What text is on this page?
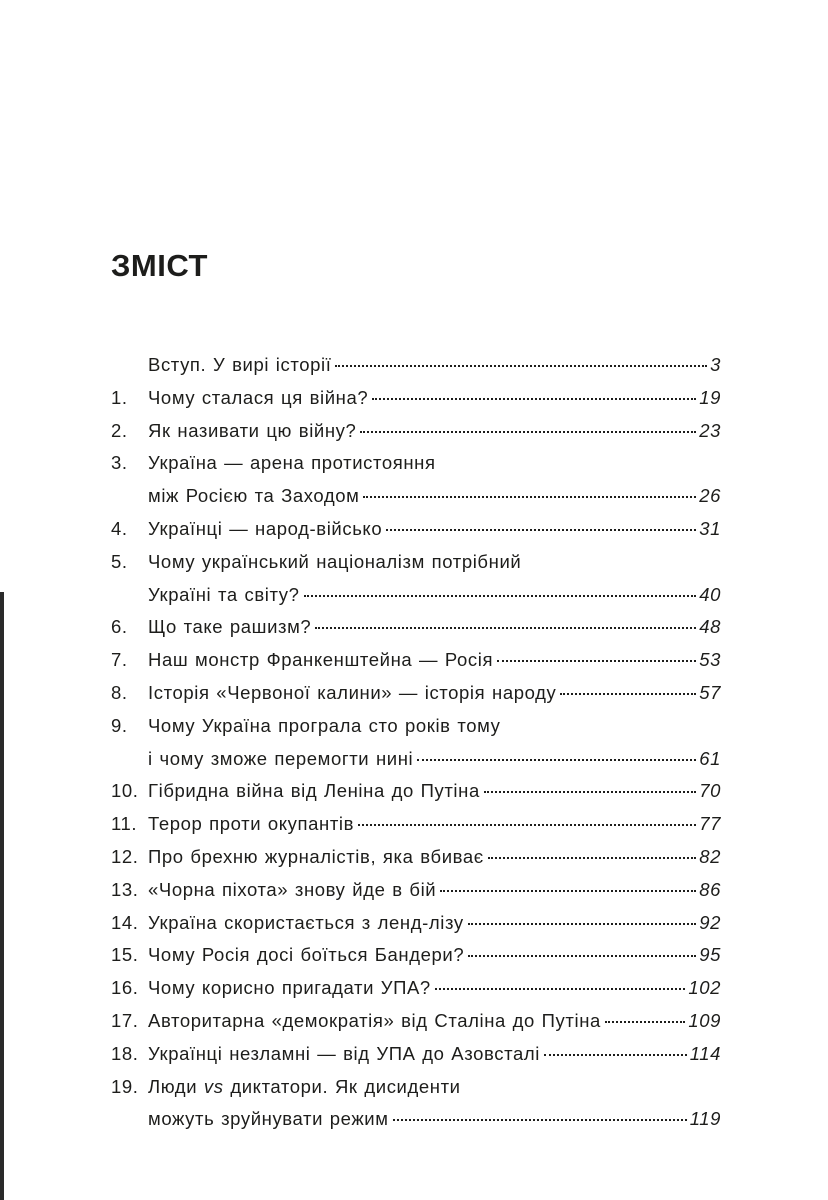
ЗМІСТ
Вступ. У вирі історії	3
1. Чому сталася ця війна?	19
2. Як називати цю війну?	23
3. Україна — арена протистояння
між Росією та Заходом	26
4. Українці — народ-військо	31
5. Чому український націоналізм потрібний
Україні та світу?	40
6. Що таке рашизм?	48
7. Наш монстр Франкенштейна — Росія	53
8. Історія «Червоної калини» — історія народу	57
9. Чому Україна програла сто років тому
і чому зможе перемогти нині	61
10. Гібридна війна від Леніна до Путіна	70
11. Терор проти окупантів	77
12. Про брехню журналістів, яка вбиває	82
13. «Чорна піхота» знову йде в бій	86
14. Україна скористається з ленд-лізу	92
15. Чому Росія досі боїться Бандери?	95
16. Чому корисно пригадати УПА?	102
17. Авторитарна «демократія» від Сталіна до Путіна	109
18. Українці незламні — від УПА до Азовсталі	114
19. Люди vs диктатори. Як дисиденти
можуть зруйнувати режим	119
